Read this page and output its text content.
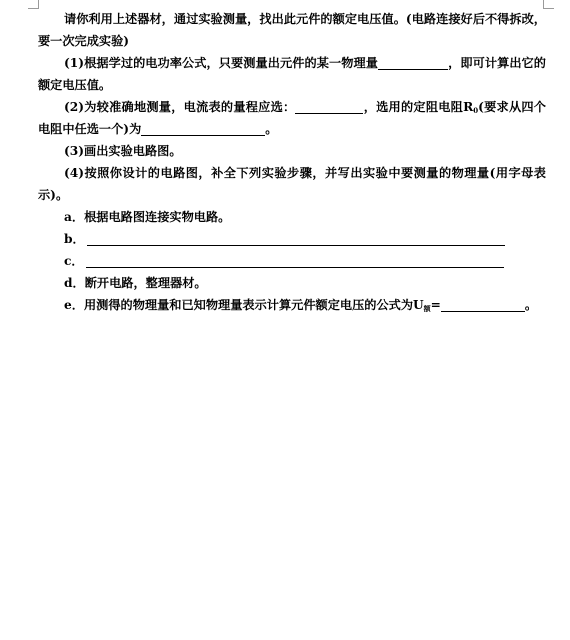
请你利用上述器材，通过实验测量，找出此元件的额定电压值。(电路连接好后不得拆改，要一次完成实验)

(1)根据学过的电功率公式，只要测量出元件的某一物理量	，即可计算出它的额定电压值。

(2)为较准确地测量，电流表的量程应选：	，选用的定阻电阻$R_0$(要求从四个电阻中任选一个)为	。

(3)画出实验电路图。

(4)按照你设计的电路图，补全下列实验步骤，并写出实验中要测量的物理量(用字母表示)。

a．根据电路图连接实物电路。

b．

c．

d．断开电路，整理器材。

e．用测得的物理量和已知物理量表示计算元件额定电压的公式为$U_额=$	。
